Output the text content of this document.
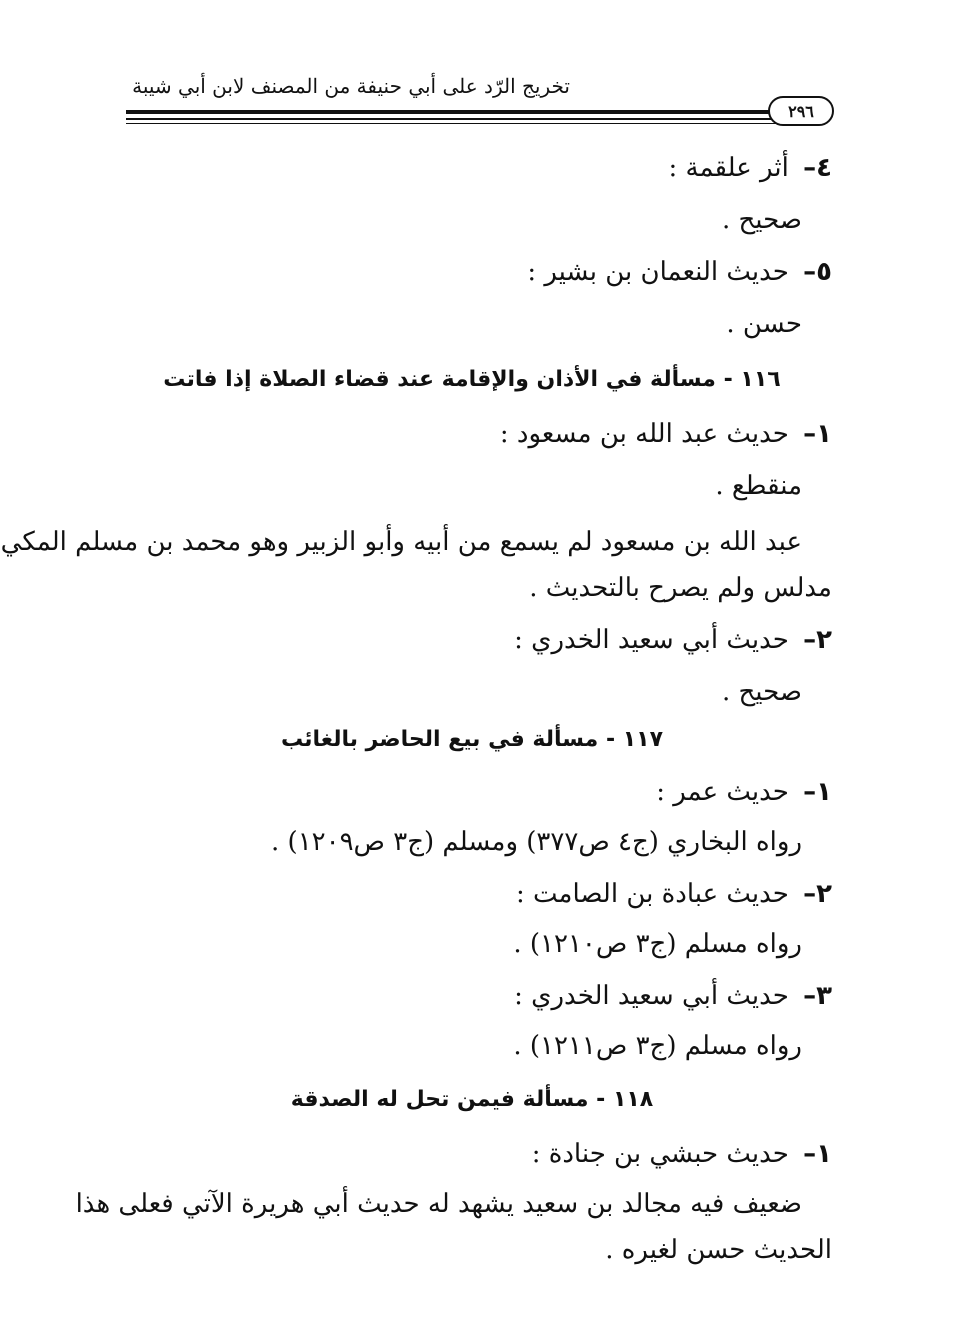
تخريج الرّد على أبي حنيفة من المصنف لابن أبي شيبة
٢٩٦
٤– أثر علقمة :
صحيح .
٥– حديث النعمان بن بشير :
حسن .
١١٦ - مسألة في الأذان والإقامة عند قضاء الصلاة إذا فاتت
١– حديث عبد الله بن مسعود :
منقطع .
عبد الله بن مسعود لم يسمع من أبيه وأبو الزبير وهو محمد بن مسلم المكي
مدلس ولم يصرح بالتحديث .
٢– حديث أبي سعيد الخدري :
صحيح .
١١٧ - مسألة في بيع الحاضر بالغائب
١– حديث عمر :
رواه البخاري (ج٤ ص٣٧٧) ومسلم (ج٣ ص١٢٠٩) .
٢– حديث عبادة بن الصامت :
رواه مسلم (ج٣ ص١٢١٠) .
٣– حديث أبي سعيد الخدري :
رواه مسلم (ج٣ ص١٢١١) .
١١٨ - مسألة فيمن تحل له الصدقة
١– حديث حبشي بن جنادة :
ضعيف فيه مجالد بن سعيد يشهد له حديث أبي هريرة الآتي فعلى هذا
الحديث حسن لغيره .
